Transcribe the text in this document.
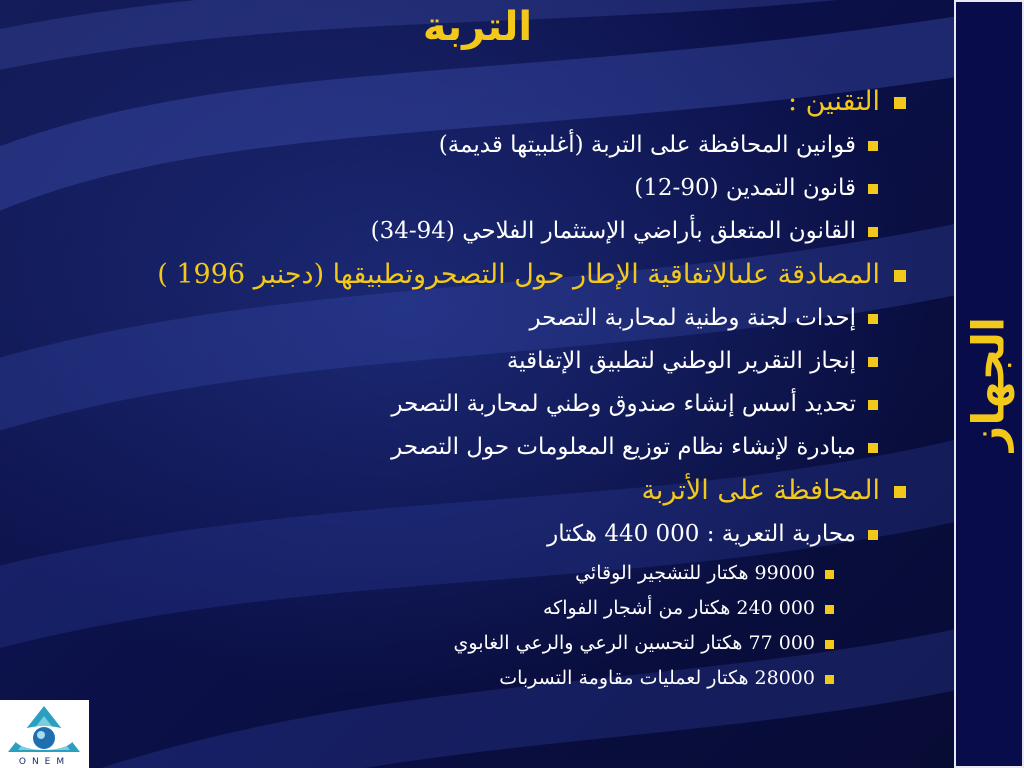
التربة
التقنين :
قوانين المحافظة على التربة (أغلبيتها قديمة)
قانون التمدين (90-12)
القانون المتعلق بأراضي الإستثمار الفلاحي (94-34)
المصادقة علىالاتفاقية الإطار حول التصحروتطبيقها (دجنبر 1996 )
إحدات لجنة وطنية لمحاربة التصحر
إنجاز التقرير الوطني لتطبيق الإتفاقية
تحديد أسس إنشاء صندوق وطني لمحاربة التصحر
مبادرة لإنشاء نظام توزيع المعلومات حول التصحر
المحافظة على الأتربة
محاربة التعرية : 000 440 هكتار
99000 هكتار للتشجير الوقائي
000 240 هكتار من أشجار الفواكه
000 77 هكتار لتحسين الرعي والرعي الغابوي
28000 هكتار لعمليات مقاومة التسربات
الجهاز
ONEM
